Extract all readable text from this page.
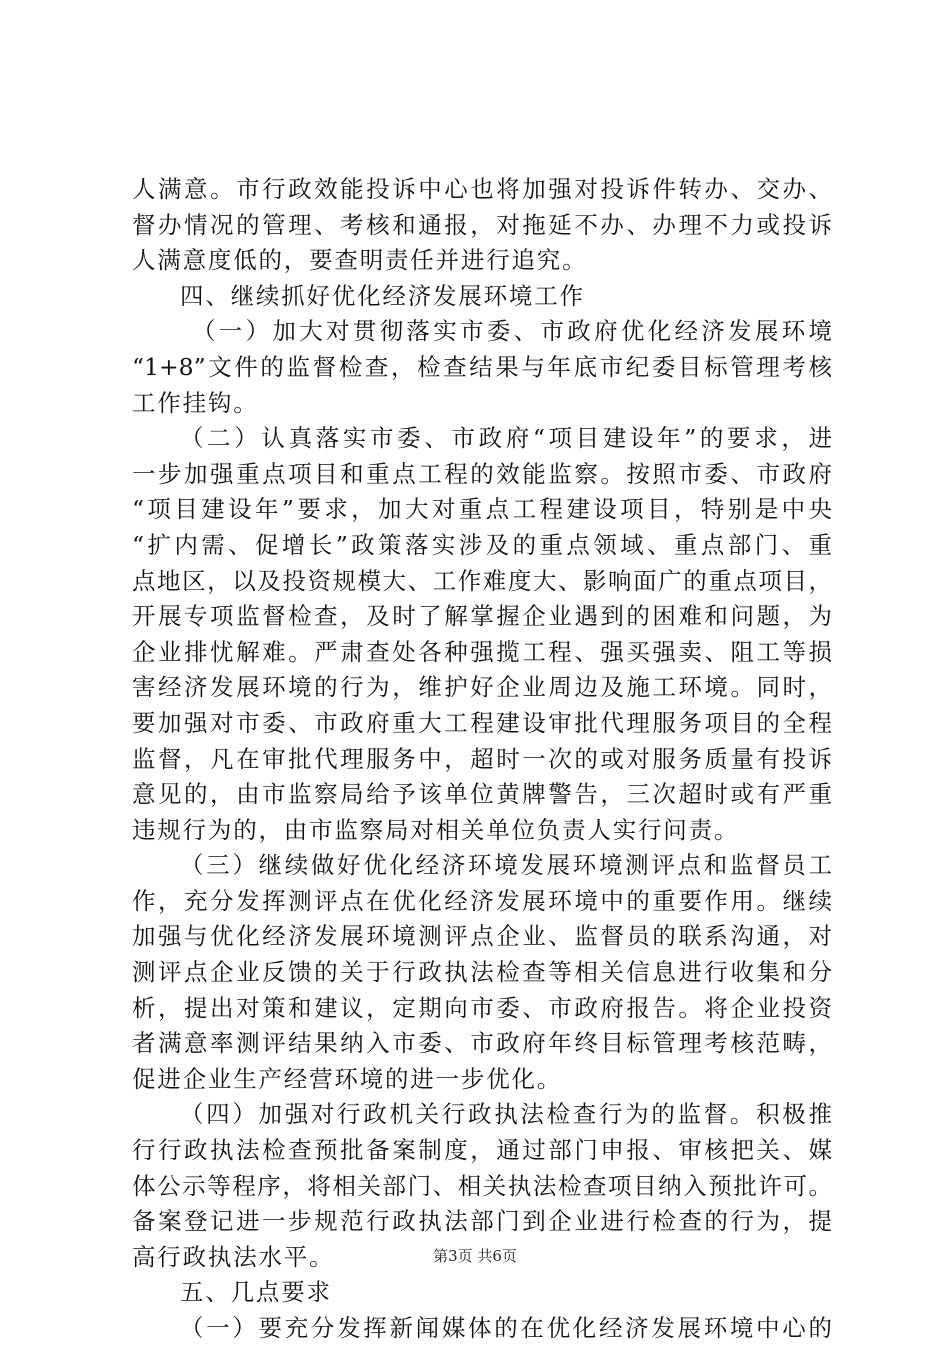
人满意。市行政效能投诉中心也将加强对投诉件转办、交办、
督办情况的管理、考核和通报，对拖延不办、办理不力或投诉
人满意度低的，要查明责任并进行追究。
四、继续抓好优化经济发展环境工作
（一）加大对贯彻落实市委、市政府优化经济发展环境
“1+8”文件的监督检查，检查结果与年底市纪委目标管理考核
工作挂钩。
（二）认真落实市委、市政府“项目建设年”的要求，进
一步加强重点项目和重点工程的效能监察。按照市委、市政府
“项目建设年”要求，加大对重点工程建设项目，特别是中央
“扩内需、促增长”政策落实涉及的重点领域、重点部门、重
点地区，以及投资规模大、工作难度大、影响面广的重点项目，
开展专项监督检查，及时了解掌握企业遇到的困难和问题，为
企业排忧解难。严肃查处各种强揽工程、强买强卖、阻工等损
害经济发展环境的行为，维护好企业周边及施工环境。同时，
要加强对市委、市政府重大工程建设审批代理服务项目的全程
监督，凡在审批代理服务中，超时一次的或对服务质量有投诉
意见的，由市监察局给予该单位黄牌警告，三次超时或有严重
违规行为的，由市监察局对相关单位负责人实行问责。
（三）继续做好优化经济环境发展环境测评点和监督员工
作，充分发挥测评点在优化经济发展环境中的重要作用。继续
加强与优化经济发展环境测评点企业、监督员的联系沟通，对
测评点企业反馈的关于行政执法检查等相关信息进行收集和分
析，提出对策和建议，定期向市委、市政府报告。将企业投资
者满意率测评结果纳入市委、市政府年终目标管理考核范畴，
促进企业生产经营环境的进一步优化。
（四）加强对行政机关行政执法检查行为的监督。积极推
行行政执法检查预批备案制度，通过部门申报、审核把关、媒
体公示等程序，将相关部门、相关执法检查项目纳入预批许可。
备案登记进一步规范行政执法部门到企业进行检查的行为，提
高行政执法水平。
五、几点要求
（一）要充分发挥新闻媒体的在优化经济发展环境中心的
第3页 共6页
